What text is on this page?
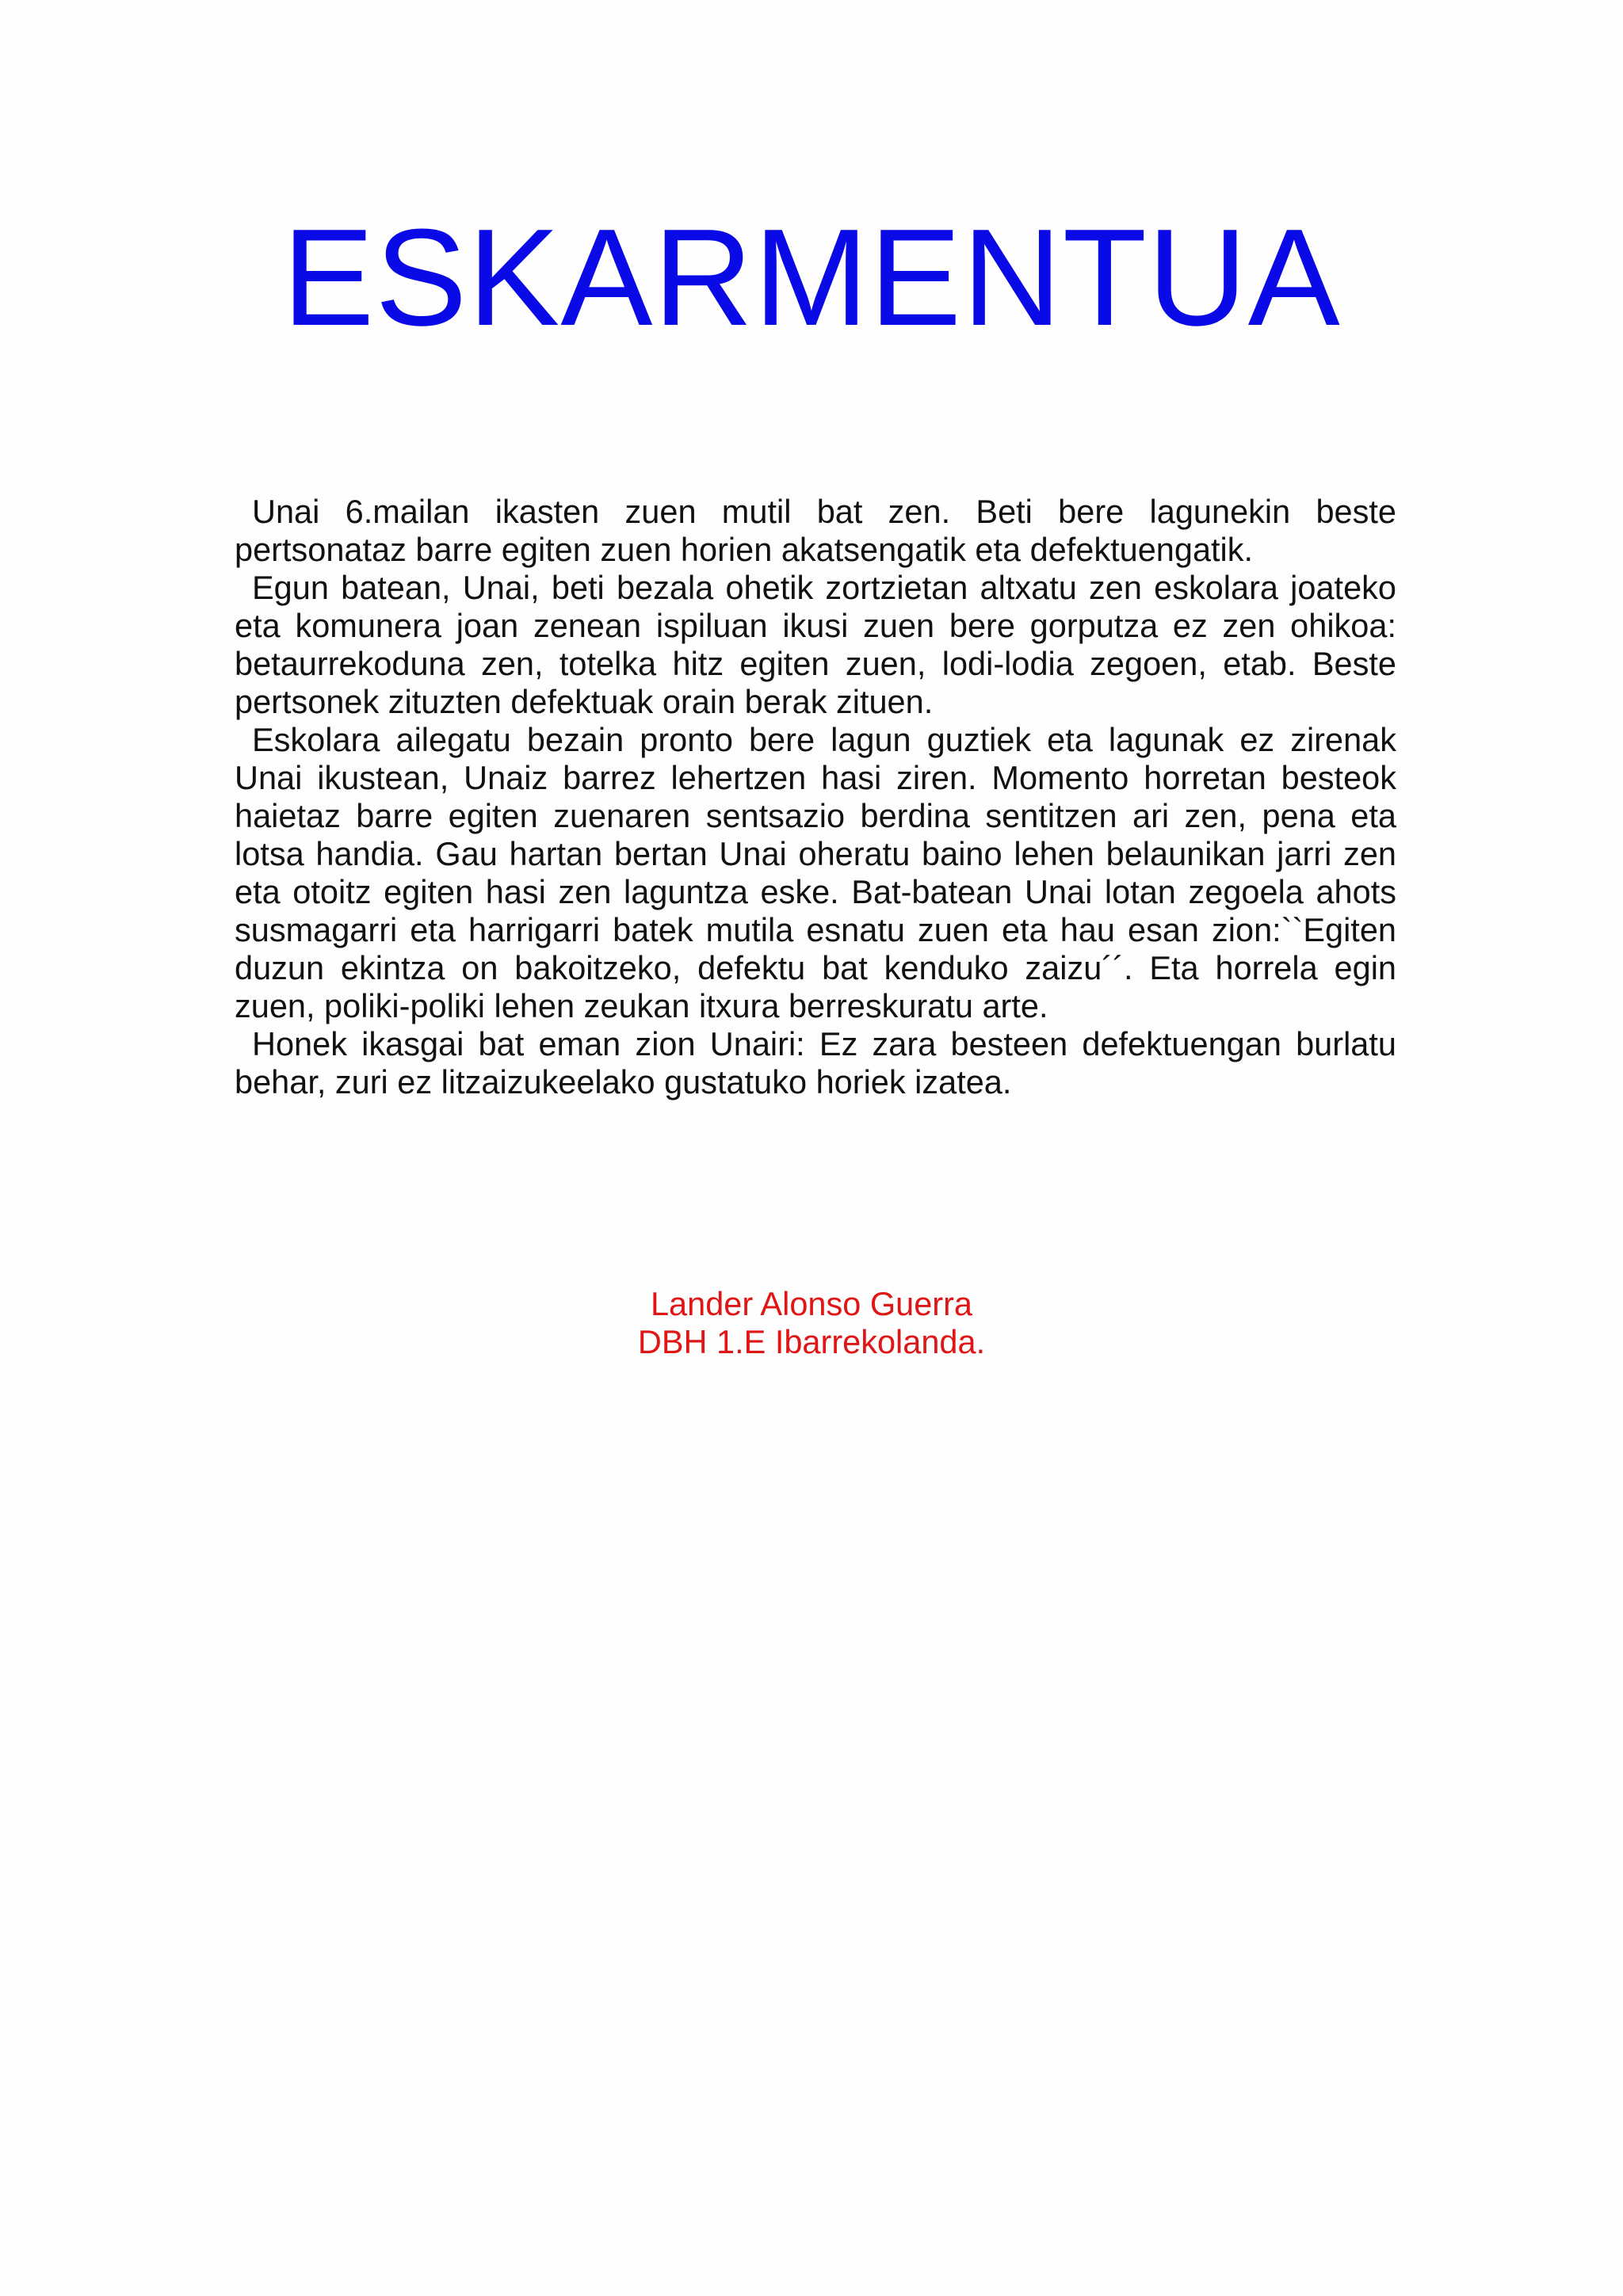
ESKARMENTUA

Unai 6.mailan ikasten zuen mutil bat zen. Beti bere lagunekin beste pertsonataz barre egiten zuen horien akatsengatik eta defektuengatik.

Egun batean, Unai, beti bezala ohetik zortzietan altxatu zen eskolara joateko eta komunera joan zenean ispiluan ikusi zuen bere gorputza ez zen ohikoa: betaurrekoduna zen, totelka hitz egiten zuen, lodi-lodia zegoen, etab. Beste pertsonek zituzten defektuak orain berak zituen.

Eskolara ailegatu bezain pronto bere lagun guztiek eta lagunak ez zirenak Unai ikustean, Unaiz barrez lehertzen hasi ziren. Momento horretan besteok haietaz barre egiten zuenaren sentsazio berdina sentitzen ari zen, pena eta lotsa handia. Gau hartan bertan Unai oheratu baino lehen belaunikan jarri zen eta otoitz egiten hasi zen laguntza eske. Bat-batean Unai lotan zegoela ahots susmagarri eta harrigarri batek mutila esnatu zuen eta hau esan zion:``Egiten duzun ekintza on bakoitzeko, defektu bat kenduko zaizu´´. Eta horrela egin zuen, poliki-poliki lehen zeukan itxura berreskuratu arte.

Honek ikasgai bat eman zion Unairi: Ez zara besteen defektuengan burlatu behar, zuri ez litzaizukeelako gustatuko horiek izatea.

Lander Alonso Guerra
DBH 1.E Ibarrekolanda.
